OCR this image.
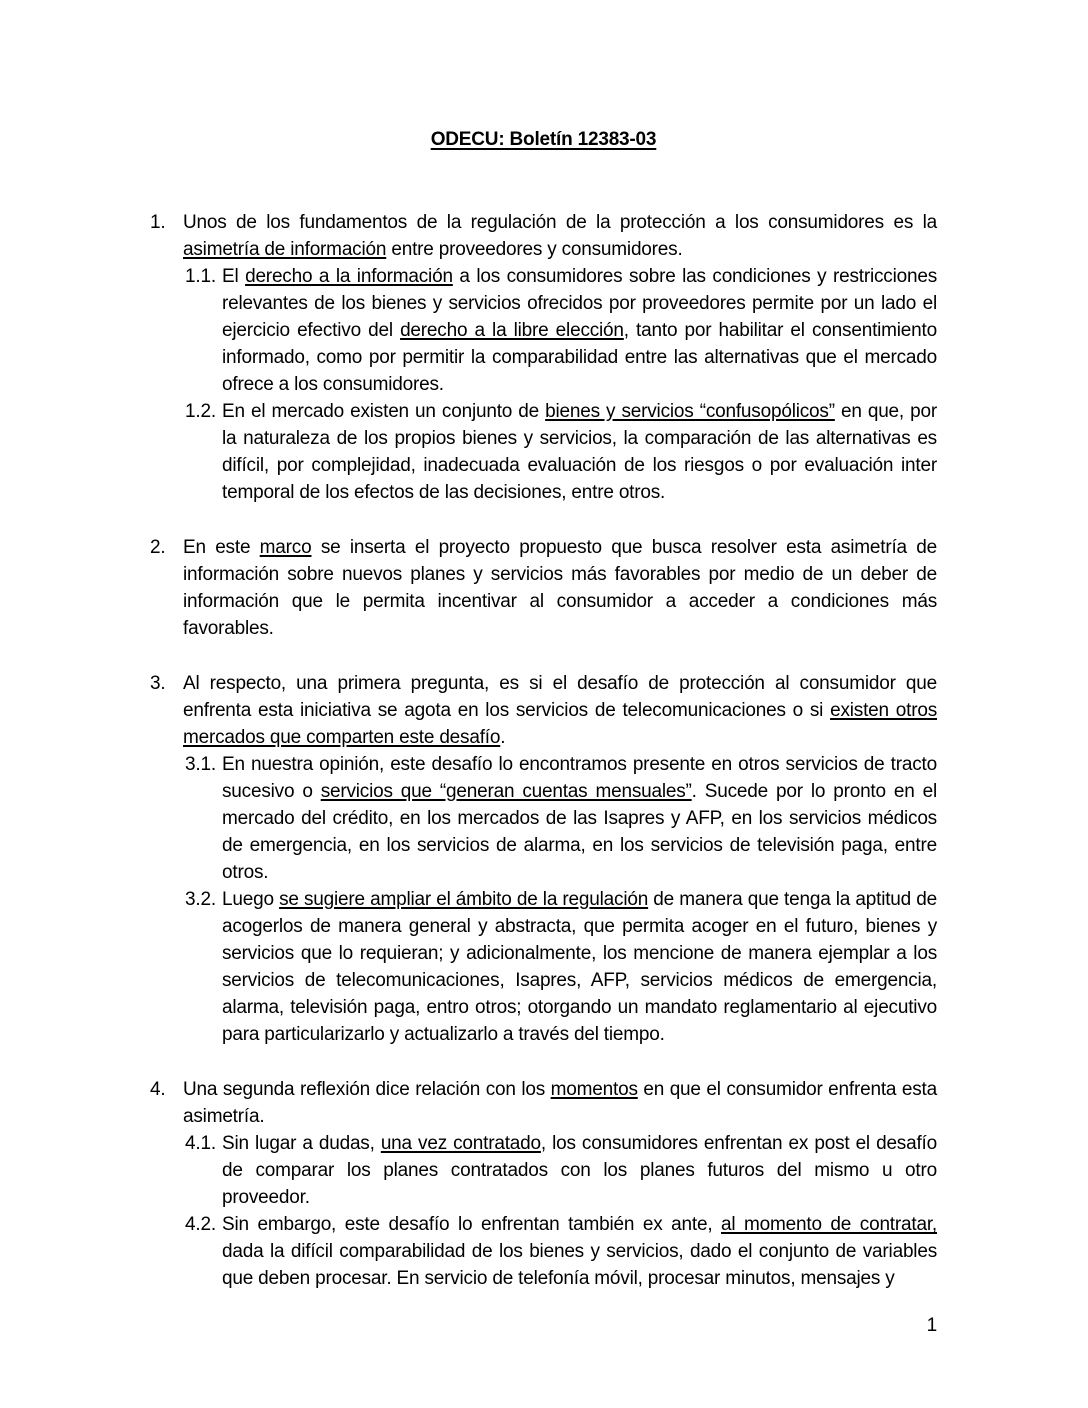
ODECU: Boletín 12383-03
1. Unos de los fundamentos de la regulación de la protección a los consumidores es la asimetría de información entre proveedores y consumidores.
1.1. El derecho a la información a los consumidores sobre las condiciones y restricciones relevantes de los bienes y servicios ofrecidos por proveedores permite por un lado el ejercicio efectivo del derecho a la libre elección, tanto por habilitar el consentimiento informado, como por permitir la comparabilidad entre las alternativas que el mercado ofrece a los consumidores.
1.2. En el mercado existen un conjunto de bienes y servicios “confusopólicos” en que, por la naturaleza de los propios bienes y servicios, la comparación de las alternativas es difícil, por complejidad, inadecuada evaluación de los riesgos o por evaluación inter temporal de los efectos de las decisiones, entre otros.
2. En este marco se inserta el proyecto propuesto que busca resolver esta asimetría de información sobre nuevos planes y servicios más favorables por medio de un deber de información que le permita incentivar al consumidor a acceder a condiciones más favorables.
3. Al respecto, una primera pregunta, es si el desafío de protección al consumidor que enfrenta esta iniciativa se agota en los servicios de telecomunicaciones o si existen otros mercados que comparten este desafío.
3.1. En nuestra opinión, este desafío lo encontramos presente en otros servicios de tracto sucesivo o servicios que “generan cuentas mensuales”. Sucede por lo pronto en el mercado del crédito, en los mercados de las Isapres y AFP, en los servicios médicos de emergencia, en los servicios de alarma, en los servicios de televisión paga, entre otros.
3.2. Luego se sugiere ampliar el ámbito de la regulación de manera que tenga la aptitud de acogerlos de manera general y abstracta, que permita acoger en el futuro, bienes y servicios que lo requieran; y adicionalmente, los mencione de manera ejemplar a los servicios de telecomunicaciones, Isapres, AFP, servicios médicos de emergencia, alarma, televisión paga, entro otros; otorgando un mandato reglamentario al ejecutivo para particularizarlo y actualizarlo a través del tiempo.
4. Una segunda reflexión dice relación con los momentos en que el consumidor enfrenta esta asimetría.
4.1. Sin lugar a dudas, una vez contratado, los consumidores enfrentan ex post el desafío de comparar los planes contratados con los planes futuros del mismo u otro proveedor.
4.2. Sin embargo, este desafío lo enfrentan también ex ante, al momento de contratar, dada la difícil comparabilidad de los bienes y servicios, dado el conjunto de variables que deben procesar. En servicio de telefonía móvil, procesar minutos, mensajes y
1
